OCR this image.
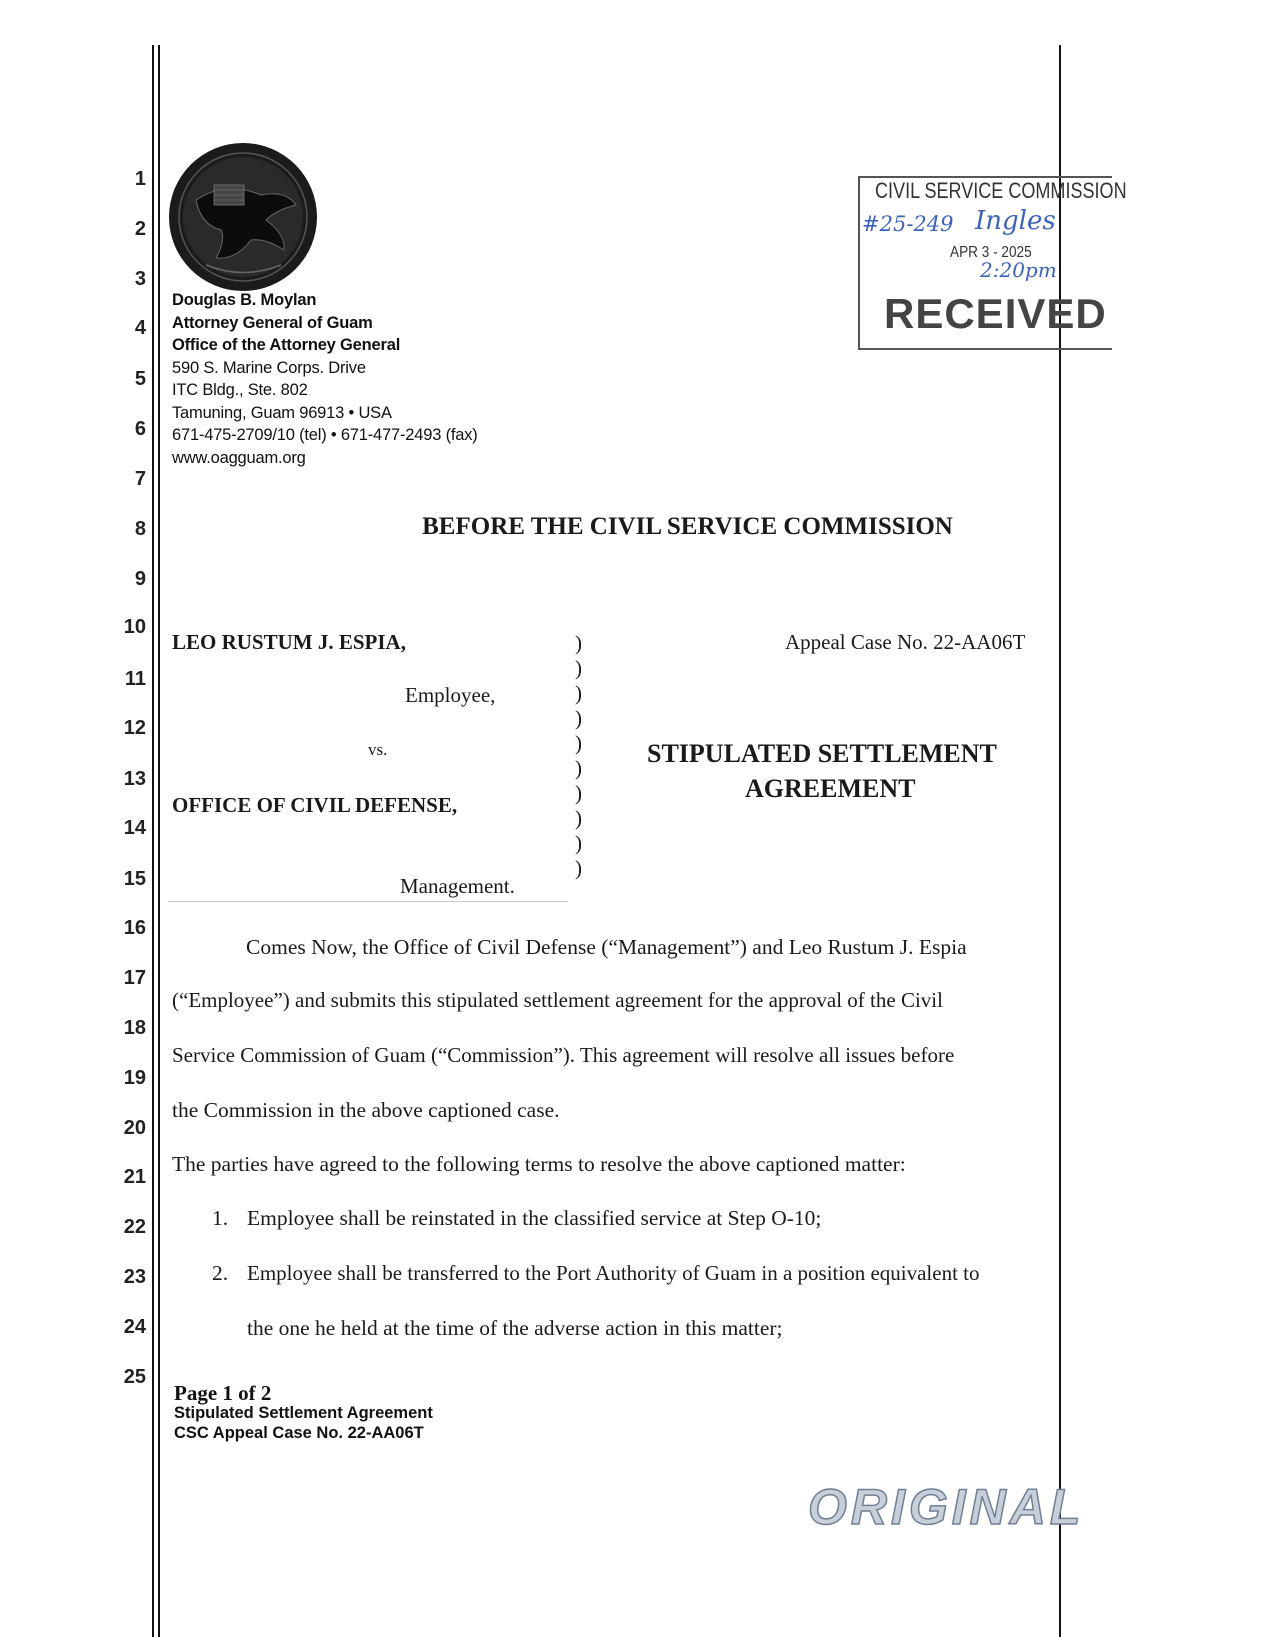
1
2
3
4
5
6
7
8
9
10
11
12
13
14
15
16
17
18
19
20
21
22
23
24
25
Douglas B. Moylan
Attorney General of Guam
Office of the Attorney General
590 S. Marine Corps. Drive
ITC Bldg., Ste. 802
Tamuning, Guam 96913 • USA
671-475-2709/10 (tel) • 671-477-2493 (fax)
www.oagguam.org
CIVIL SERVICE COMMISSION
#25-249 Ingles
APR 3 - 2025
2:20pm
RECEIVED
BEFORE THE CIVIL SERVICE COMMISSION
LEO RUSTUM J. ESPIA,
Employee,
vs.
OFFICE OF CIVIL DEFENSE,
Management.
)
)
)
)
)
)
)
)
)
)
Appeal Case No. 22-AA06T
STIPULATED SETTLEMENT
AGREEMENT
Comes Now, the Office of Civil Defense (“Management”) and Leo Rustum J. Espia
(“Employee”) and submits this stipulated settlement agreement for the approval of the Civil
Service Commission of Guam (“Commission”). This agreement will resolve all issues before
the Commission in the above captioned case.
The parties have agreed to the following terms to resolve the above captioned matter:
1. Employee shall be reinstated in the classified service at Step O-10;
2. Employee shall be transferred to the Port Authority of Guam in a position equivalent to
the one he held at the time of the adverse action in this matter;
Page 1 of 2
Stipulated Settlement Agreement
CSC Appeal Case No. 22-AA06T
ORIGINAL
